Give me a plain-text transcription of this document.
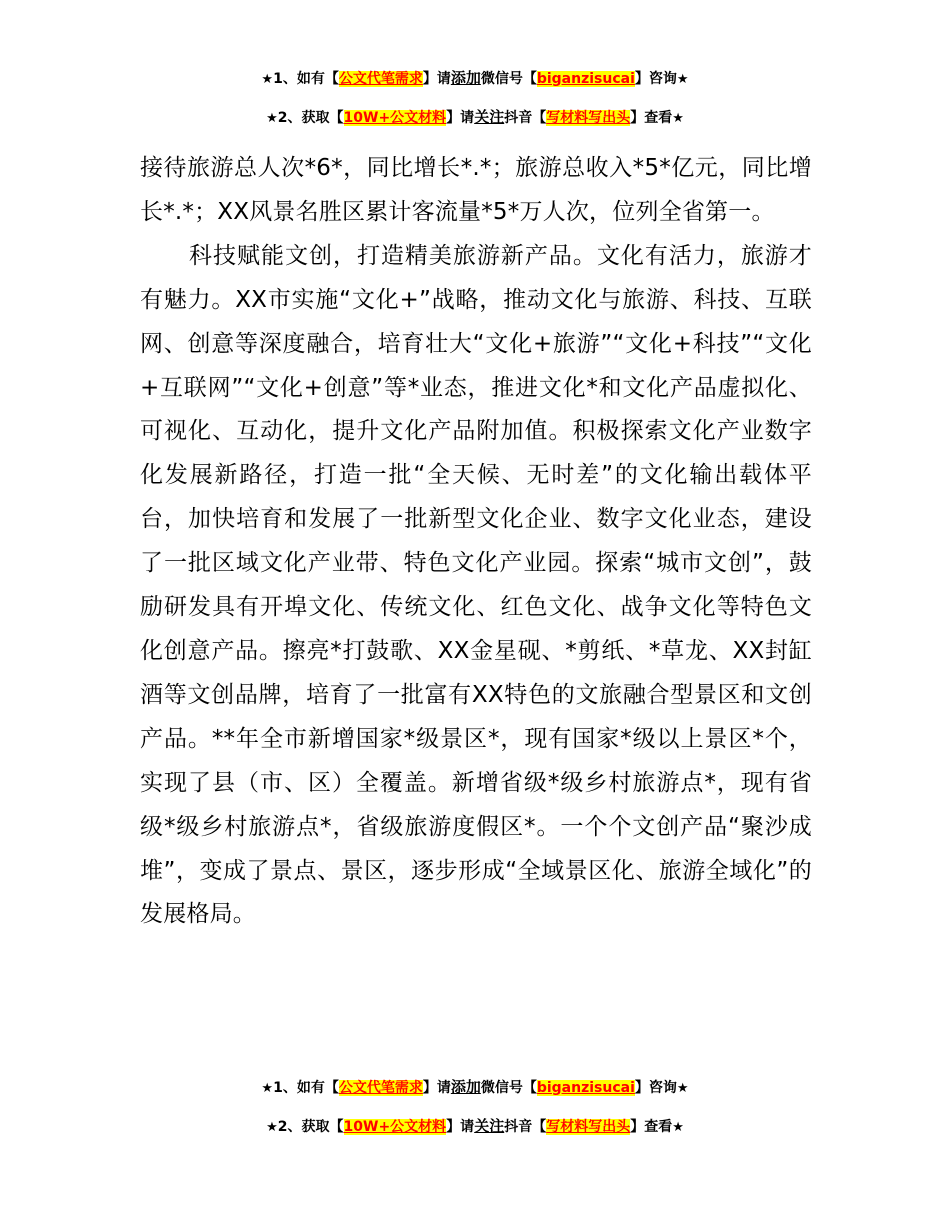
★1、如有【公文代笔需求】请添加微信号【biganzisucai】咨询★
★2、获取【10W+公文材料】请关注抖音【写材料写出头】查看★

接待旅游总人次*6*，同比增长*.*；旅游总收入*5*亿元，同比增长*.*；XX风景名胜区累计客流量*5*万人次，位列全省第一。

科技赋能文创，打造精美旅游新产品。文化有活力，旅游才有魅力。XX市实施“文化+”战略，推动文化与旅游、科技、互联网、创意等深度融合，培育壮大“文化+旅游”“文化+科技”“文化+互联网”“文化+创意”等*业态，推进文化*和文化产品虚拟化、可视化、互动化，提升文化产品附加值。积极探索文化产业数字化发展新路径，打造一批“全天候、无时差”的文化输出载体平台，加快培育和发展了一批新型文化企业、数字文化业态，建设了一批区域文化产业带、特色文化产业园。探索“城市文创”，鼓励研发具有开埠文化、传统文化、红色文化、战争文化等特色文化创意产品。擦亮*打鼓歌、XX金星砚、*剪纸、*草龙、XX封缸酒等文创品牌，培育了一批富有XX特色的文旅融合型景区和文创产品。**年全市新增国家*级景区*，现有国家*级以上景区*个，实现了县（市、区）全覆盖。新增省级*级乡村旅游点*，现有省级*级乡村旅游点*，省级旅游度假区*。一个个文创产品“聚沙成堆”，变成了景点、景区，逐步形成“全域景区化、旅游全域化”的发展格局。

★1、如有【公文代笔需求】请添加微信号【biganzisucai】咨询★
★2、获取【10W+公文材料】请关注抖音【写材料写出头】查看★
